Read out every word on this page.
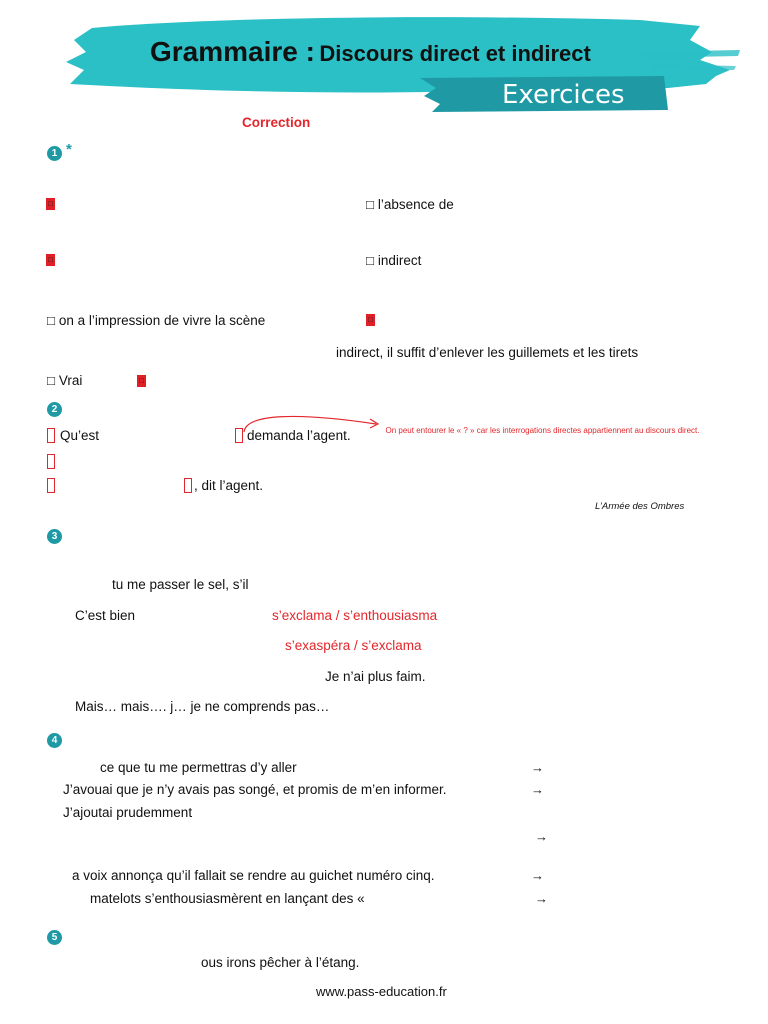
Grammaire : Discours direct et indirect
Exercices
Correction
1 *
□	□ l’absence de
□	□ indirect
□ on a l’impression de vivre la scène	□
indirect, il suffit d’enlever les guillemets et les tirets
□ Vrai	□
2
Qu’est	demanda l’agent.	On peut entourer le « ? » car les interrogations directes appartiennent au discours direct.
, dit l’agent.
L’Armée des Ombres
3
tu me passer le sel, s’il
C’est bien	s’exclama / s’enthousiasma
s’exaspéra / s’exclama
Je n’ai plus faim.
Mais… mais…. j… je ne comprends pas…
4
ce que tu me permettras d’y aller	→
J’avouai que je n’y avais pas songé, et promis de m’en informer.	→
J’ajoutai prudemment
→
a voix annonça qu’il fallait se rendre au guichet numéro cinq.	→
matelots s’enthousiasmèrent en lançant des «	→
5
ous irons pêcher à l’étang.
www.pass-education.fr
